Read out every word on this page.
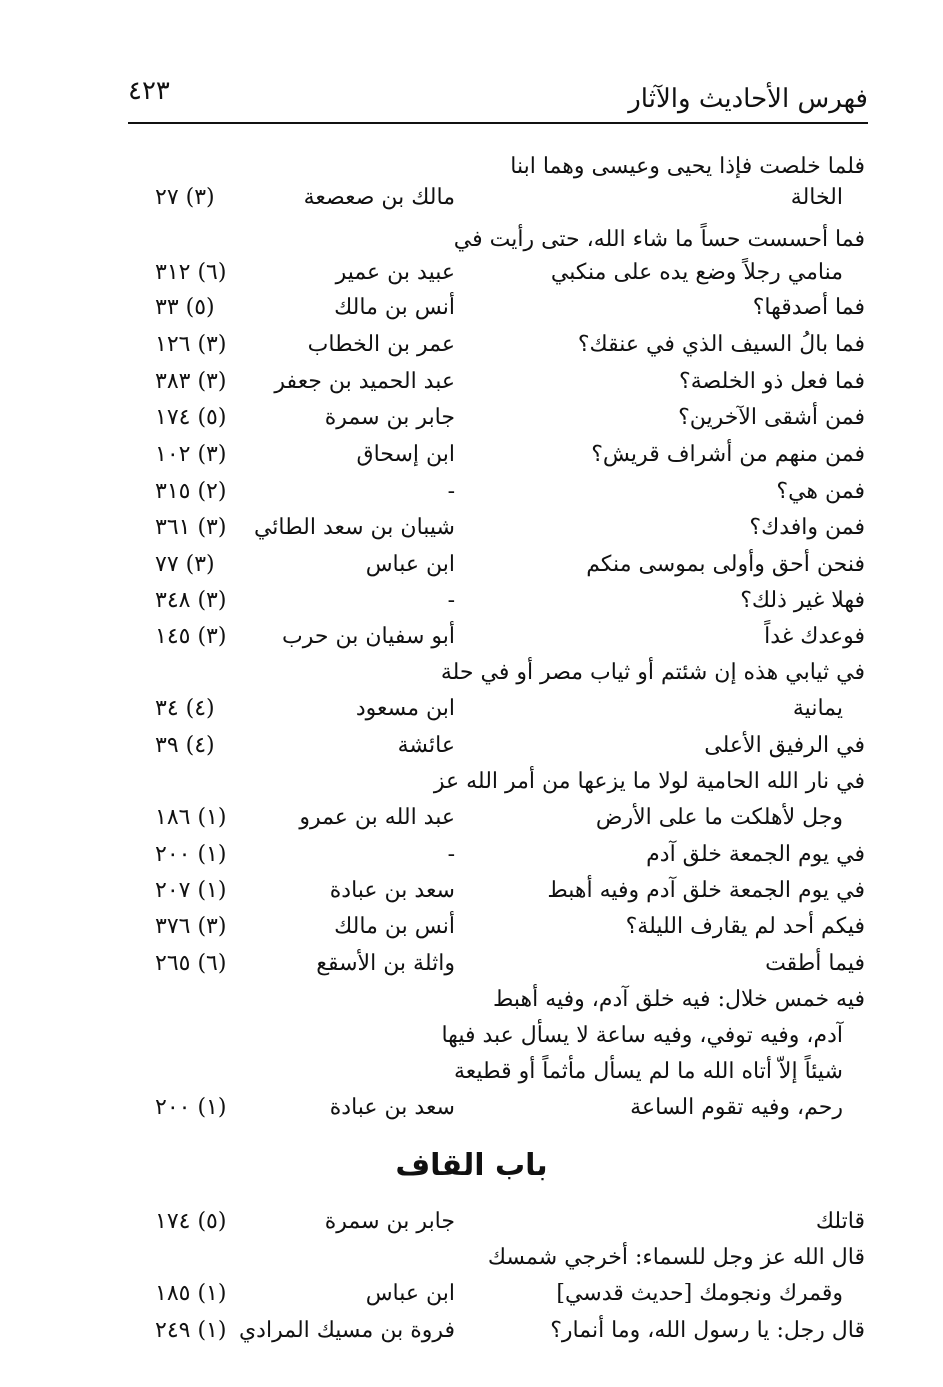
فهرس الأحاديث والآثار
٤٢٣
فلما خلصت فإذا يحيى وعيسى وهما ابنا
الخالة
مالك بن صعصعة
(٣) ٢٧
فما أحسست حساً ما شاء الله، حتى رأيت في
منامي رجلاً وضع يده على منكبي
عبيد بن عمير
(٦) ٣١٢
فما أصدقها؟
أنس بن مالك
(٥) ٣٣
فما بالُ السيف الذي في عنقك؟
عمر بن الخطاب
(٣) ١٢٦
فما فعل ذو الخلصة؟
عبد الحميد بن جعفر
(٣) ٣٨٣
فمن أشقى الآخرين؟
جابر بن سمرة
(٥) ١٧٤
فمن منهم من أشراف قريش؟
ابن إسحاق
(٣) ١٠٢
فمن هي؟
-
(٢) ٣١٥
فمن وافدك؟
شيبان بن سعد الطائي
(٣) ٣٦١
فنحن أحق وأولى بموسى منكم
ابن عباس
(٣) ٧٧
فهلا غير ذلك؟
-
(٣) ٣٤٨
فوعدك غداً
أبو سفيان بن حرب
(٣) ١٤٥
في ثيابي هذه إن شئتم أو ثياب مصر أو في حلة
يمانية
ابن مسعود
(٤) ٣٤
في الرفيق الأعلى
عائشة
(٤) ٣٩
في نار الله الحامية لولا ما يزعها من أمر الله عز
وجل لأهلكت ما على الأرض
عبد الله بن عمرو
(١) ١٨٦
في يوم الجمعة خلق آدم
-
(١) ٢٠٠
في يوم الجمعة خلق آدم وفيه أهبط
سعد بن عبادة
(١) ٢٠٧
فيكم أحد لم يقارف الليلة؟
أنس بن مالك
(٣) ٣٧٦
فيما أطقت
واثلة بن الأسقع
(٦) ٢٦٥
فيه خمس خلال: فيه خلق آدم، وفيه أهبط
آدم، وفيه توفي، وفيه ساعة لا يسأل عبد فيها
شيئاً إلاّ أتاه الله ما لم يسأل مأثماً أو قطيعة
رحم، وفيه تقوم الساعة
سعد بن عبادة
(١) ٢٠٠
قاتلك
جابر بن سمرة
(٥) ١٧٤
قال الله عز وجل للسماء: أخرجي شمسك
وقمرك ونجومك [حديث قدسي]
ابن عباس
(١) ١٨٥
قال رجل: يا رسول الله، وما أنمار؟
فروة بن مسيك المرادي
(١) ٢٤٩
باب القاف
